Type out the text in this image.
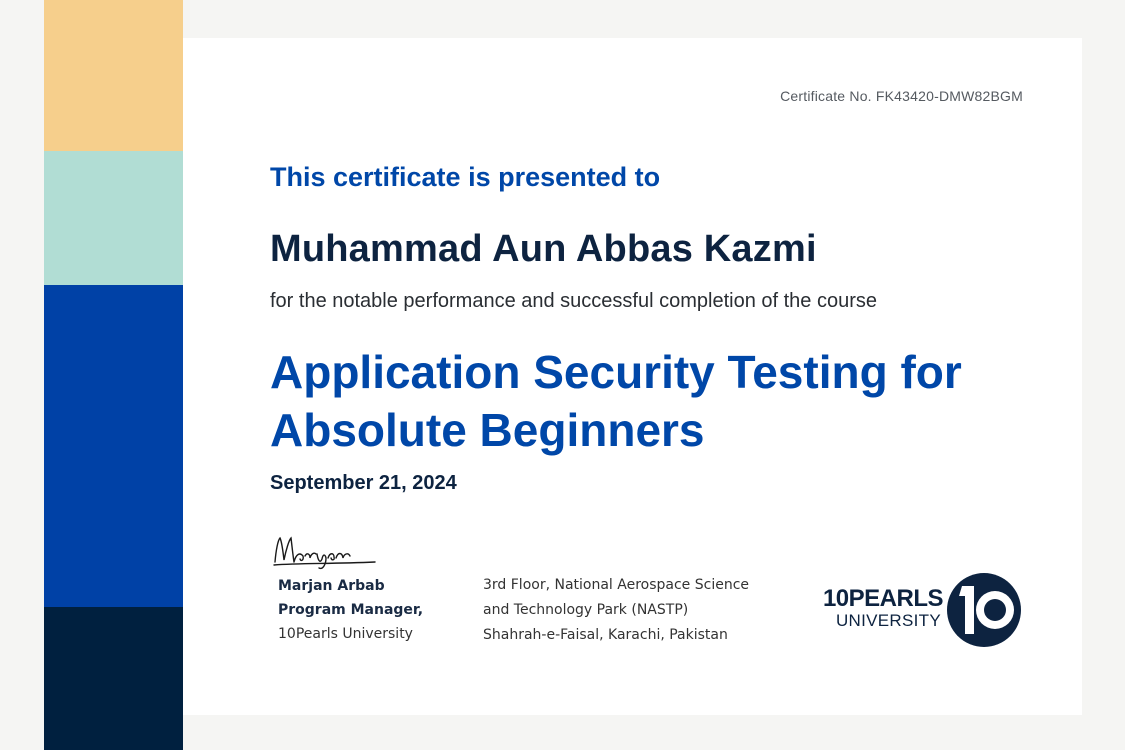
Certificate No. FK43420-DMW82BGM
This certificate is presented to
Muhammad Aun Abbas Kazmi
for the notable performance and successful completion of the course
Application Security Testing for
Absolute Beginners
September 21, 2024
Marjan Arbab
Program Manager,
10Pearls University
3rd Floor, National Aerospace Science
and Technology Park (NASTP)
Shahrah-e-Faisal, Karachi, Pakistan
10PEARLS
UNIVERSITY
